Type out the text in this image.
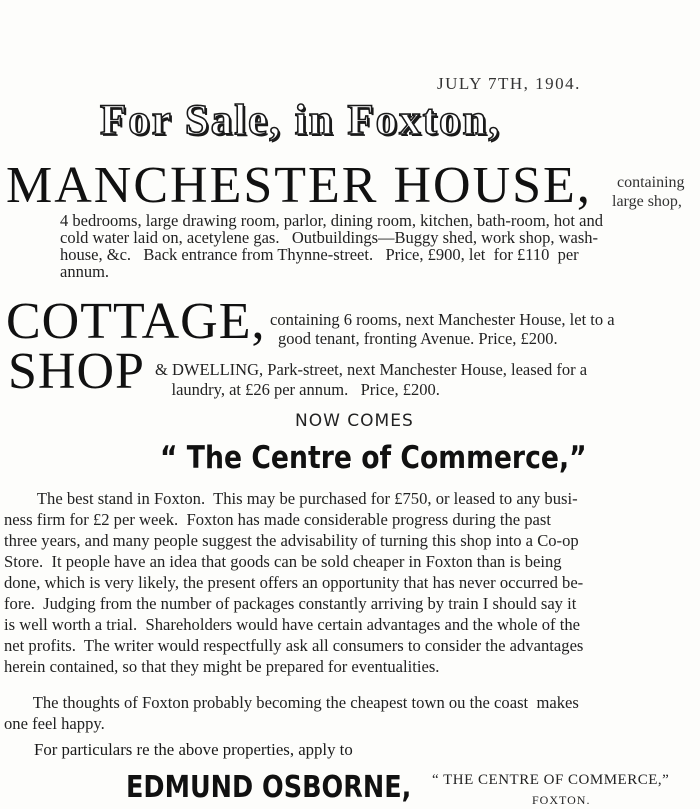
JULY 7TH, 1904.
For Sale, in Foxton,
MANCHESTER HOUSE, containing
large shop,
4 bedrooms, large drawing room, parlor, dining room, kitchen, bath-room, hot and
cold water laid on, acetylene gas.   Outbuildings—Buggy shed, work shop, wash-
house, &c.   Back entrance from Thynne-street.   Price, £900, let  for £110  per
annum.
COTTAGE, containing 6 rooms, next Manchester House, let to a
good tenant, fronting Avenue. Price, £200.
SHOP & DWELLING, Park-street, next Manchester House, leased for a
laundry, at £26 per annum.   Price, £200.
NOW COMES
“ The Centre of Commerce,”
The best stand in Foxton.  This may be purchased for £750, or leased to any busi-
ness firm for £2 per week.  Foxton has made considerable progress during the past
three years, and many people suggest the advisability of turning this shop into a Co-op
Store.  It people have an idea that goods can be sold cheaper in Foxton than is being
done, which is very likely, the present offers an opportunity that has never occurred be-
fore.  Judging from the number of packages constantly arriving by train I should say it
is well worth a trial.  Shareholders would have certain advantages and the whole of the
net profits.  The writer would respectfully ask all consumers to consider the advantages
herein contained, so that they might be prepared for eventualities.
The thoughts of Foxton probably becoming the cheapest town ou the coast  makes
one feel happy.
For particulars re the above properties, apply to
EDMUND OSBORNE, “ THE CENTRE OF COMMERCE,”
FOXTON.
